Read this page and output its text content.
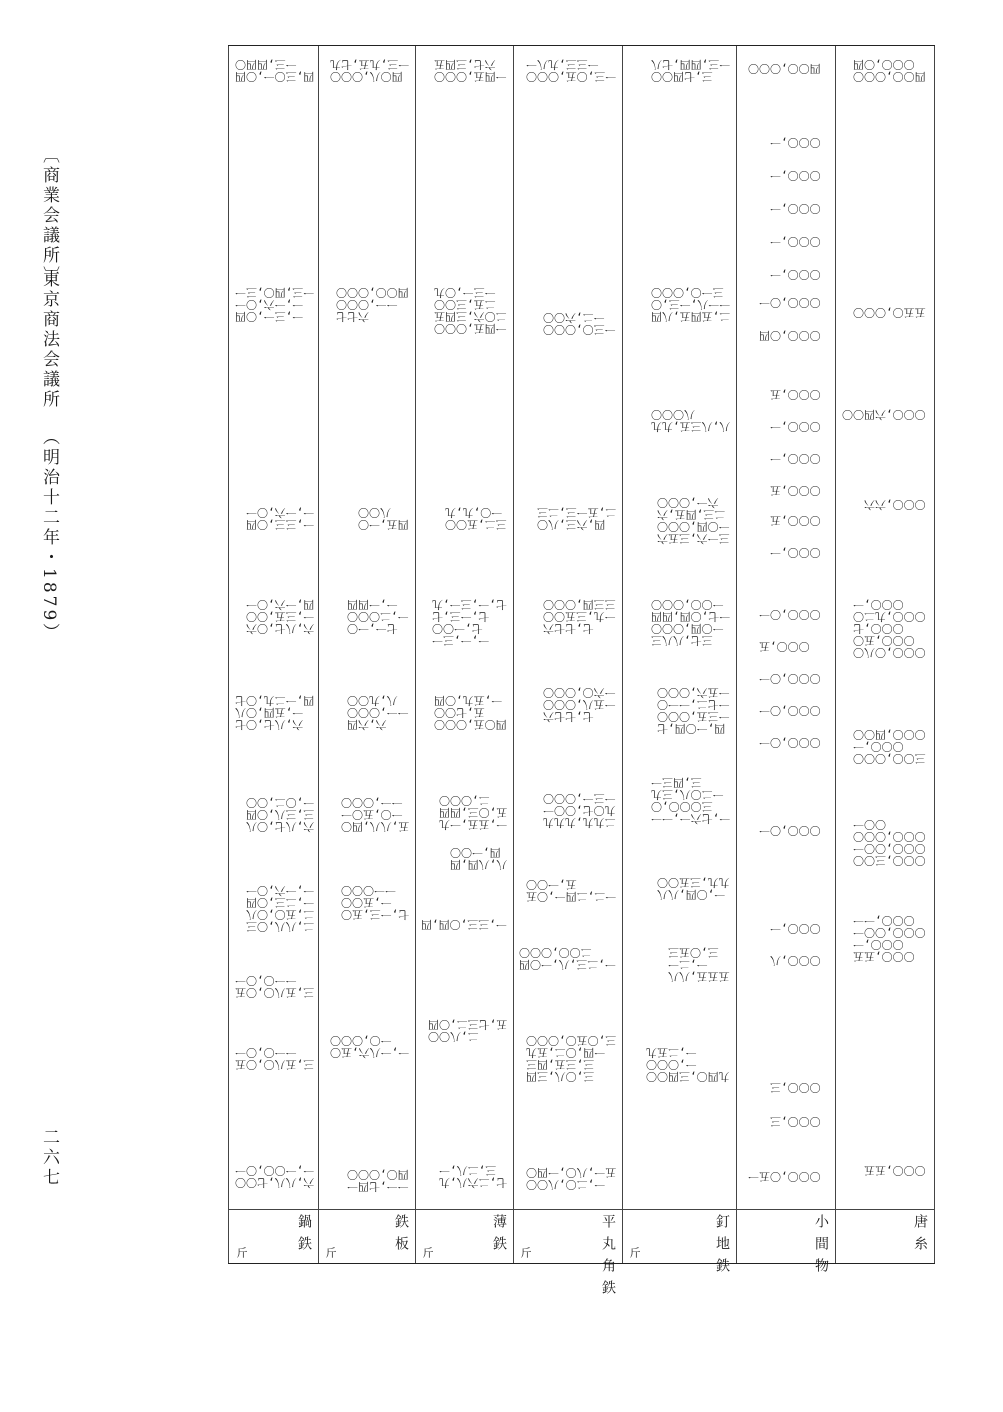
〔商業会議所〕
東京商法会議所
（明治十二年・1879）
二六七
四〇〇,〇〇〇
〇〇〇,〇四
五五〇,〇〇〇
〇〇〇,六四〇〇
〇〇〇,六六
〇〇〇,〇八〇
〇〇〇,五〇
〇〇〇,七
〇〇〇,九二〇
〇〇〇,一
三〇〇,〇〇〇
〇〇〇,一
〇〇〇,四〇〇
〇〇〇,三〇〇
〇〇〇,〇〇一
〇〇〇,〇〇〇
〇〇一
〇〇〇,五五
〇〇〇,一
〇〇〇,〇〇一
〇〇〇,一一
〇〇〇,五五
唐糸
四〇〇,〇〇〇
〇〇〇,一
〇〇〇,一
〇〇〇,一
〇〇〇,一
〇〇〇,一
〇〇〇,〇四
〇〇〇,〇一
〇〇〇,五
〇〇〇,一
〇〇〇,一
〇〇〇,五
〇〇〇,一
〇〇〇,五
〇〇〇,〇一
〇〇〇,〇一
〇〇〇,〇一
〇〇〇,五
〇〇〇,〇一
〇〇〇,〇一
〇〇〇,八
〇〇〇,一
〇〇〇,三
〇〇〇,三
〇〇〇,〇五一
小間物
三,七四〇〇
一三,四四,七八
二,五四五,八四
一一八,一三,〇
三一〇,〇〇〇
八,八三五,九九
八〇〇〇
三一六,三五六
一〇四,〇〇〇
二三,四五,六
六一,〇〇〇
三七,八八三
一〇四,〇〇〇
一七,〇四,四四
一〇〇,〇〇〇
四,一〇四,七
一三五,〇〇〇
一七二,一一〇
一五六,〇〇〇
一,七六一,一一
三〇〇〇,〇
一二〇八,三九
三,四三一
一,〇四,八八
九九,三五〇〇
五五五,八八
一,二一
三,〇五三
九四〇,三四〇〇
一,〇〇〇
一,二五九
釘地鉄
斤
一三,〇五,〇〇〇
一三三,九八一
一三〇,〇〇〇
一二,六〇〇
四,六三,八〇
二,五一三,二三
七,七七六
一九,三五〇〇
三三四,〇〇〇
七,七七六
一五八,〇〇〇
一六〇,〇〇〇
二九九,九九九
九〇七,〇〇一
一三一,〇〇〇
一二,二四一,〇五
五,一〇〇
一,二三,八,一〇四
二〇〇,〇〇〇
三,〇八,三四
三,三五,四三
一四,〇二,五九
三,〇五〇,〇〇〇
一,二〇,八〇〇
五一,八〇,一四〇
平丸角鉄
斤
一四五,〇〇〇
六七,三四五
一四五,〇〇〇
二〇六,三四五
二五,三〇〇
一三一,〇九
三二,五〇〇
一〇,九,九
一,一,三一
七,一〇〇
七,一三,七
七,一,三一,九
四〇五,〇〇〇
五,七〇〇
一,五九,〇四
一,五五,一九
五,〇三,四四
二,〇〇〇
八,八四,四
四,一〇〇
一,三三,〇四,四
二,八〇〇
五,七三二,〇四
七,二六八,九
三,二八,一
薄鉄
斤
四〇八,〇〇〇
一三,九五,七九
六七七
一一,〇〇〇
四〇〇,〇〇〇
四五,一〇
八〇〇
七一,一〇
一,二〇〇〇
一,一四四
六,六四
一一,〇〇〇
八,九〇〇
五,八八,四〇
一〇,五〇一
一一,〇〇〇
七,一三,五〇
一,五〇〇
一一〇〇〇
一,一八六,五〇
一〇,〇〇〇
一一,七四一
四〇,〇〇〇
鉄板
斤
四,三〇一,〇四
一三,四四〇
一,三一,〇四
一,一六,〇一
一三,四〇,三一
一,三三,〇四
一,一六,〇一
六,八七,〇六
一,三五,〇〇
四,一六,〇一
六,八七,〇七
一,五四,〇八
四,一二九,〇七
六,八七,〇八
三,三八,〇四
一,〇二,〇〇
二,八八,〇三
二,五〇,〇八
一,二三,〇四
一,一六,〇一
三,五八〇,〇五
一一〇,〇一
三,五八〇,〇五
一一〇,〇一
六,八八,七〇〇
一,一〇〇,〇一
鍋鉄
斤
